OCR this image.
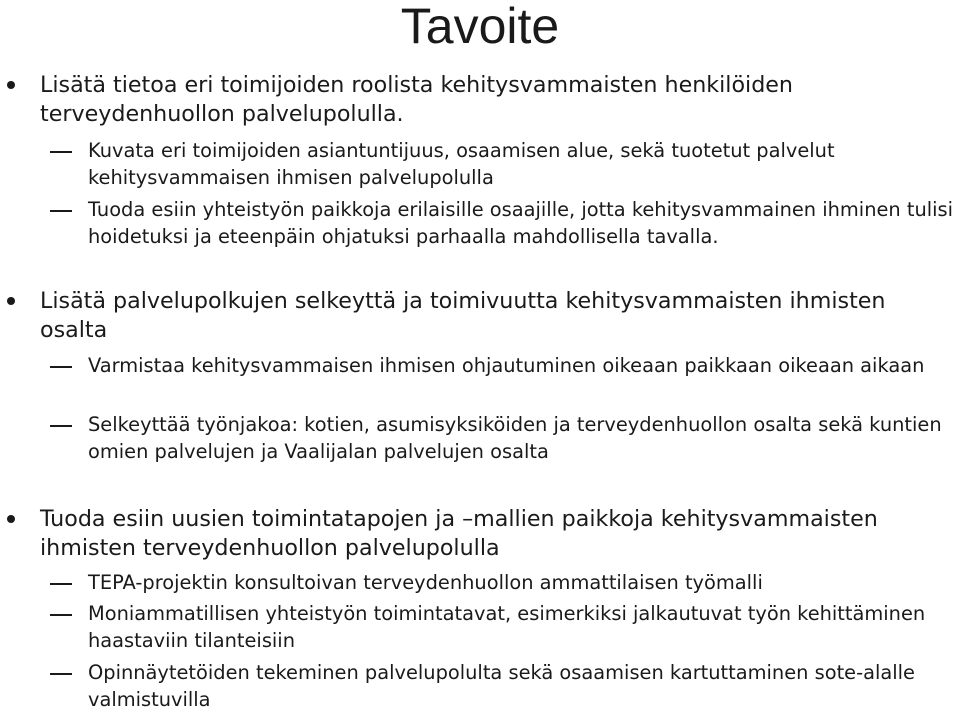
Tavoite
Lisätä tietoa eri toimijoiden roolista kehitysvammaisten henkilöiden terveydenhuollon palvelupolulla.
Kuvata eri toimijoiden asiantuntijuus, osaamisen alue, sekä tuotetut palvelut kehitysvammaisen ihmisen palvelupolulla
Tuoda esiin yhteistyön paikkoja erilaisille osaajille, jotta kehitysvammainen ihminen tulisi hoidetuksi ja eteenpäin ohjatuksi parhaalla mahdollisella tavalla.
Lisätä palvelupolkujen selkeyttä ja toimivuutta kehitysvammaisten ihmisten osalta
Varmistaa kehitysvammaisen ihmisen ohjautuminen oikeaan paikkaan oikeaan aikaan
Selkeyttää työnjakoa: kotien, asumisyksiköiden ja terveydenhuollon osalta sekä kuntien omien palvelujen ja Vaalijalan palvelujen osalta
Tuoda esiin uusien toimintatapojen ja –mallien paikkoja kehitysvammaisten ihmisten terveydenhuollon palvelupolulla
TEPA-projektin konsultoivan terveydenhuollon ammattilaisen työmalli
Moniammatillisen yhteistyön toimintatavat, esimerkiksi jalkautuvat työn kehittäminen haastaviin tilanteisiin
Opinnäytetöiden tekeminen palvelupolulta sekä osaamisen kartuttaminen sote-alalle valmistuvilla
